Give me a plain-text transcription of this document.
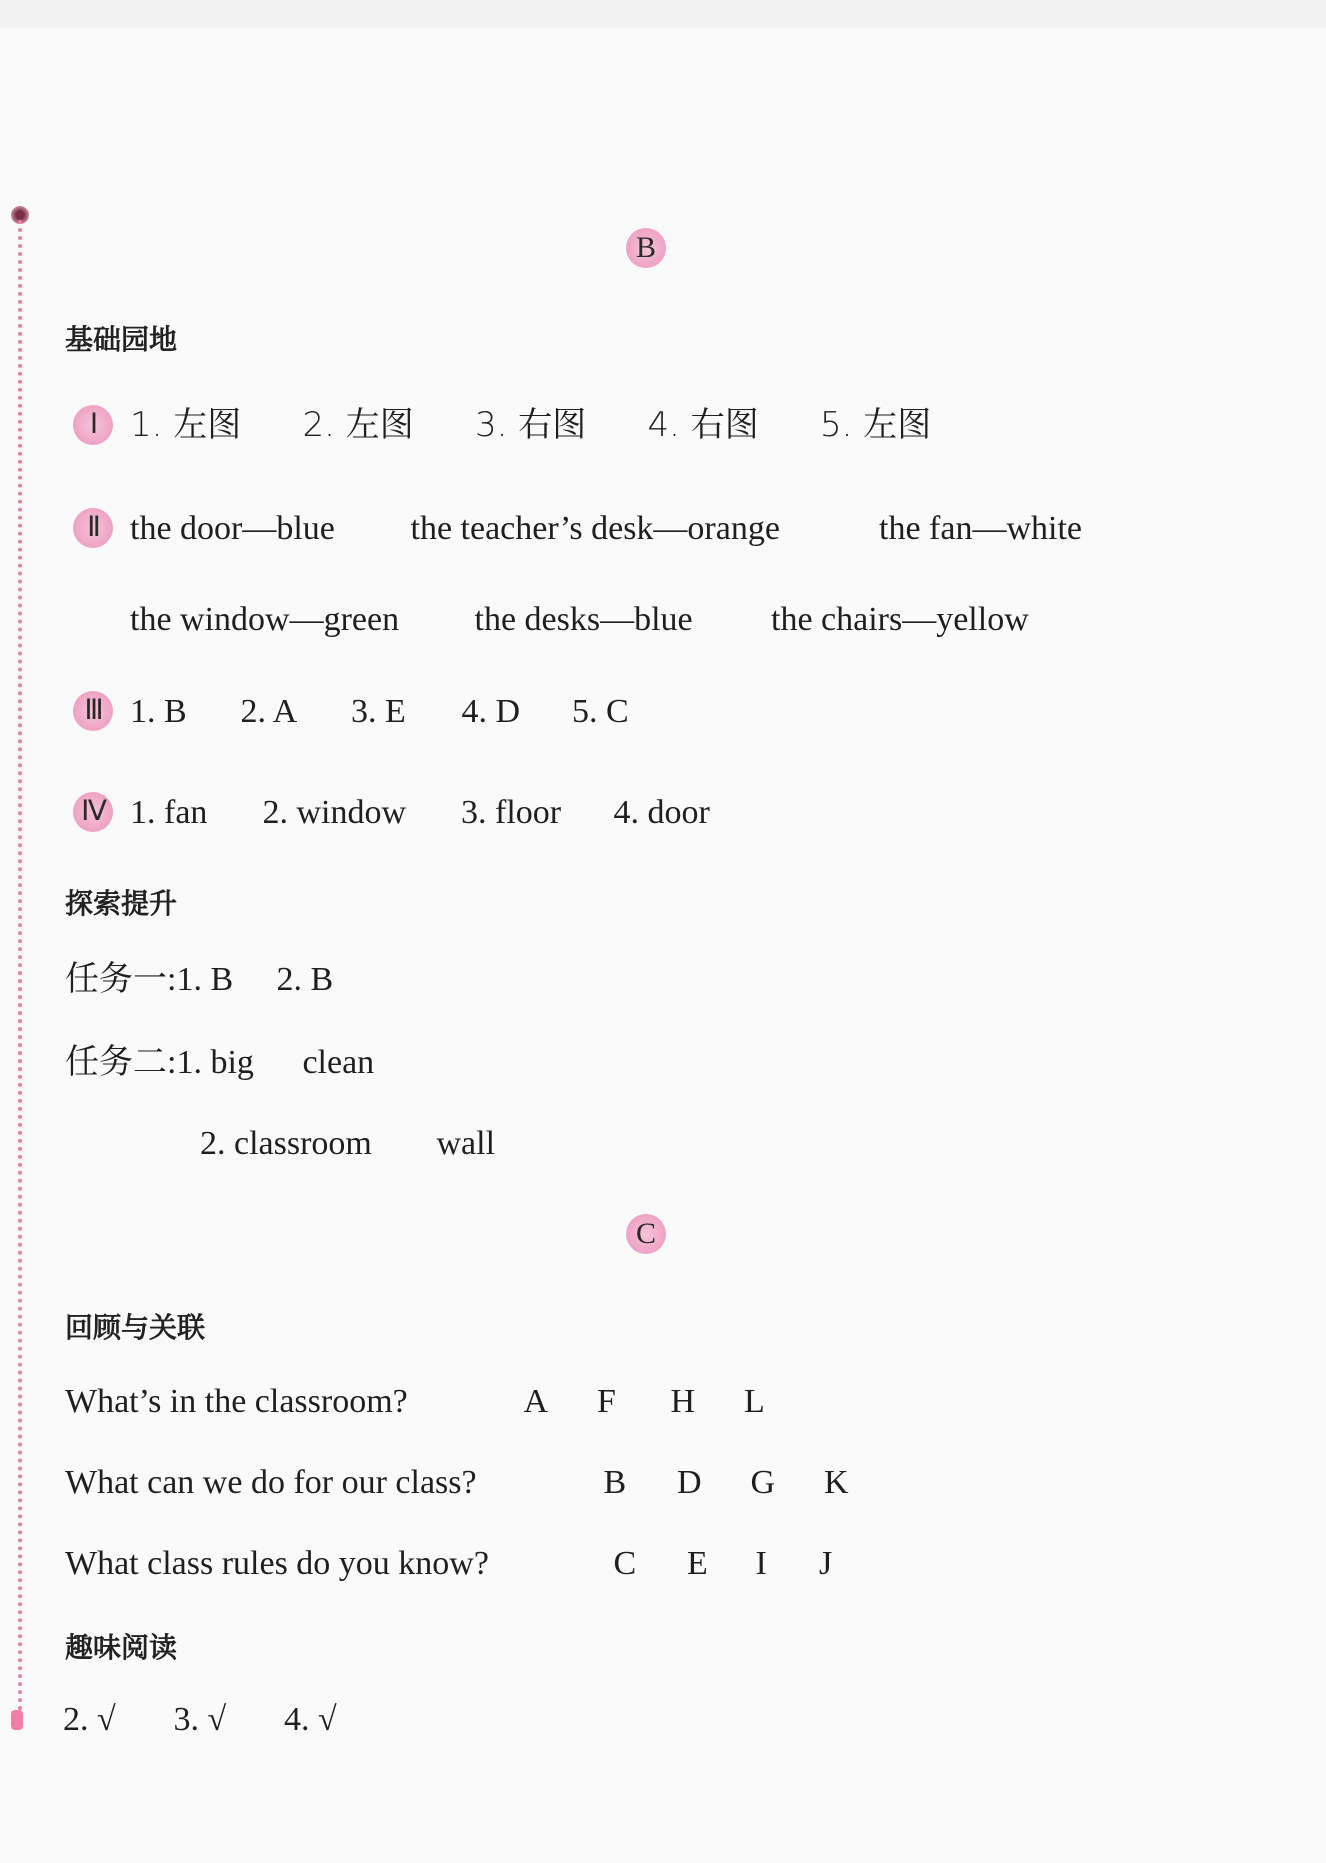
B
基础园地
Ⅰ 1. 左图 2. 左图 3. 右图 4. 右图 5. 左图
Ⅱ the door—blue the teacher’s desk—orange	the fan—white
the window—green the desks—blue the chairs—yellow
Ⅲ 1. B 2. A 3. E 4. D 5. C
Ⅳ 1. fan 2. window 3. floor 4. door
探索提升
任务一:1. B 2. B
任务二:1. big clean
2. classroom wall
C
回顾与关联
What’s in the classroom?	A F H L
What can we do for our class?	B D G K
What class rules do you know?	C E I J
趣味阅读
2. √ 3. √ 4. √
